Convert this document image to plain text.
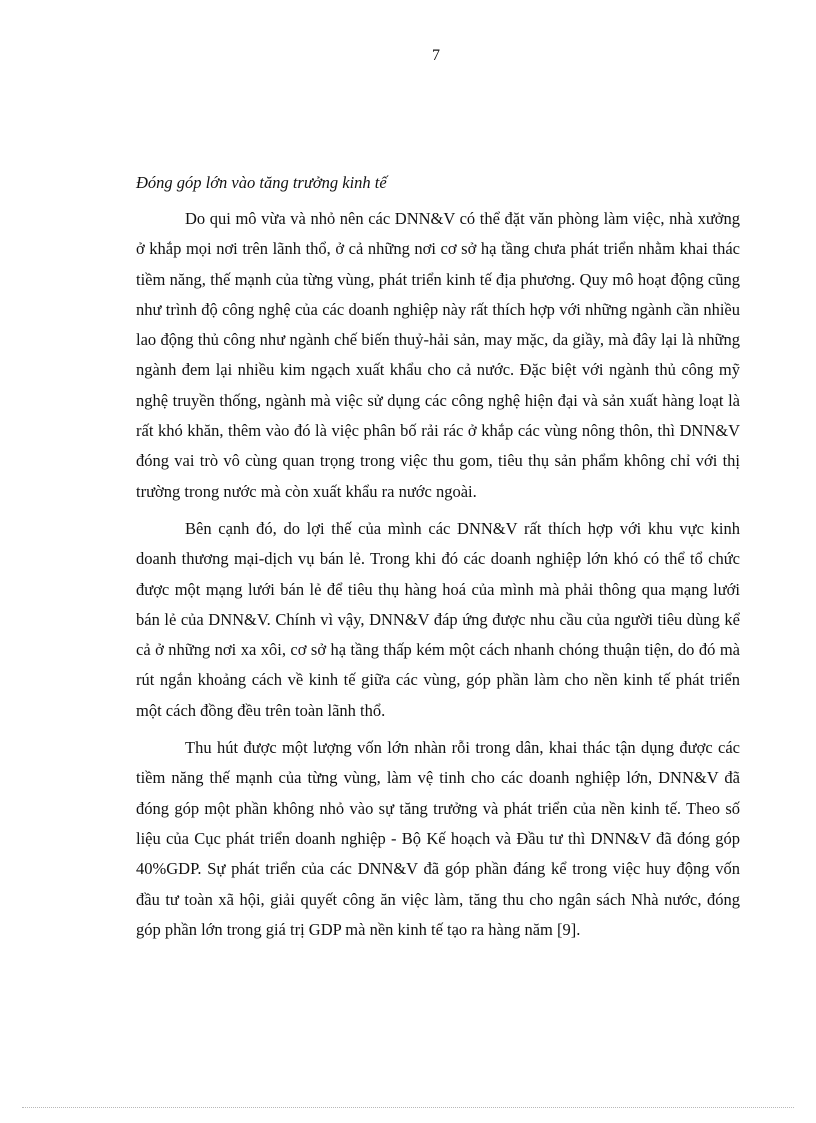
7

Đóng góp lớn vào tăng trưởng kinh tế

Do qui mô vừa và nhỏ nên các DNN&V có thể đặt văn phòng làm việc, nhà xưởng ở khắp mọi nơi trên lãnh thổ, ở cả những nơi cơ sở hạ tầng chưa phát triển nhằm khai thác tiềm năng, thế mạnh của từng vùng, phát triển kinh tế địa phương. Quy mô hoạt động cũng như trình độ công nghệ của các doanh nghiệp này rất thích hợp với những ngành cần nhiều lao động thủ công như ngành chế biến thuỷ-hải sản, may mặc, da giầy, mà đây lại là những ngành đem lại nhiều kim ngạch xuất khẩu cho cả nước. Đặc biệt với ngành thủ công mỹ nghệ truyền thống, ngành mà việc sử dụng các công nghệ hiện đại và sản xuất hàng loạt là rất khó khăn, thêm vào đó là việc phân bố rải rác ở khắp các vùng nông thôn, thì DNN&V đóng vai trò vô cùng quan trọng trong việc thu gom, tiêu thụ sản phẩm không chỉ với thị trường trong nước mà còn xuất khẩu ra nước ngoài.

Bên cạnh đó, do lợi thế của mình các DNN&V rất thích hợp với khu vực kinh doanh thương mại-dịch vụ bán lẻ. Trong khi đó các doanh nghiệp lớn khó có thể tổ chức được một mạng lưới bán lẻ để tiêu thụ hàng hoá của mình mà phải thông qua mạng lưới bán lẻ của DNN&V. Chính vì vậy, DNN&V đáp ứng được nhu cầu của người tiêu dùng kể cả ở những nơi xa xôi, cơ sở hạ tầng thấp kém một cách nhanh chóng thuận tiện, do đó mà rút ngắn khoảng cách về kinh tế giữa các vùng, góp phần làm cho nền kinh tế phát triển một cách đồng đều trên toàn lãnh thổ.

Thu hút được một lượng vốn lớn nhàn rỗi trong dân, khai thác tận dụng được các tiềm năng thế mạnh của từng vùng, làm vệ tinh cho các doanh nghiệp lớn, DNN&V đã đóng góp một phần không nhỏ vào sự tăng trưởng và phát triển của nền kinh tế. Theo số liệu của Cục phát triển doanh nghiệp - Bộ Kế hoạch và Đầu tư thì DNN&V đã đóng góp 40%GDP. Sự phát triển của các DNN&V đã góp phần đáng kể trong việc huy động vốn đầu tư toàn xã hội, giải quyết công ăn việc làm, tăng thu cho ngân sách Nhà nước, đóng góp phần lớn trong giá trị GDP mà nền kinh tế tạo ra hàng năm [9].
